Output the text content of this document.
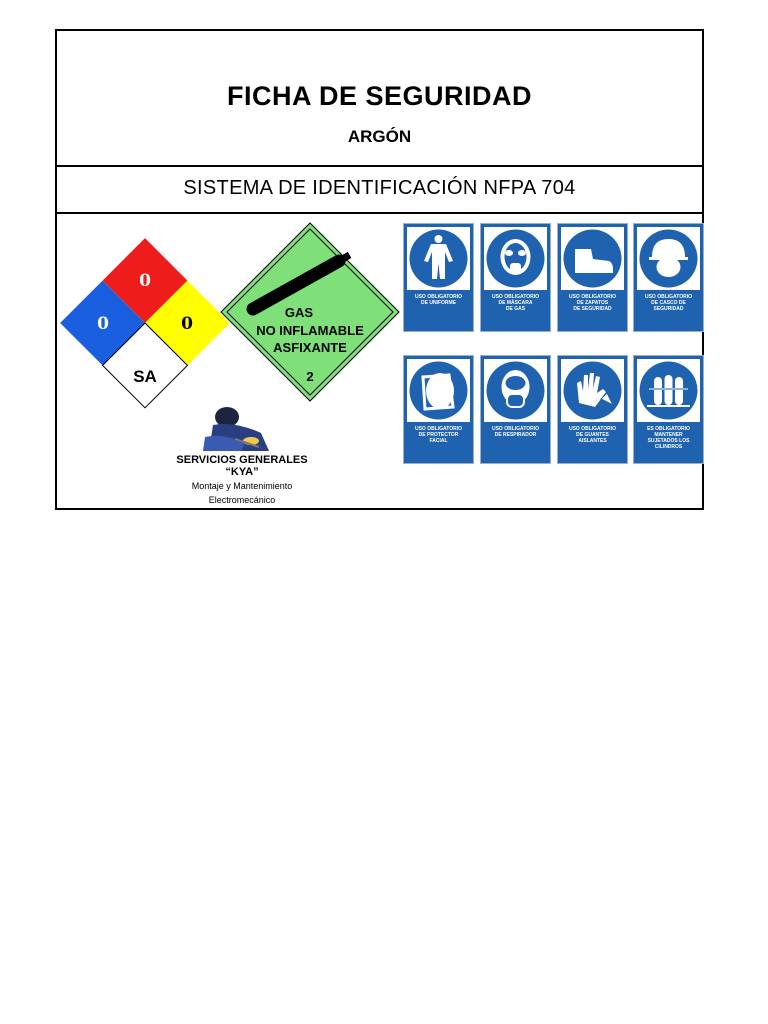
FICHA DE SEGURIDAD
ARGÓN
SISTEMA DE IDENTIFICACIÓN NFPA 704
0
0	0
SA
GAS
NO INFLAMABLE
ASFIXANTE
2
SERVICIOS GENERALES
“KYA”
Montaje y Mantenimiento
Electromecánico
USO OBLIGATORIO
DE UNIFORME
USO OBLIGATORIO
DE MÁSCARA
DE GAS
USO OBLIGATORIO
DE ZAPATOS
DE SEGURIDAD
USO OBLIGATORIO
DE CASCO DE
SEGURIDAD
USO OBLIGATORIO
DE PROTECTOR
FACIAL
USO OBLIGATORIO
DE RESPIRADOR
USO OBLIGATORIO
DE GUANTES
AISLANTES
ES OBLIGATORIO
MANTENER
SUJETADOS LOS CILINDROS
